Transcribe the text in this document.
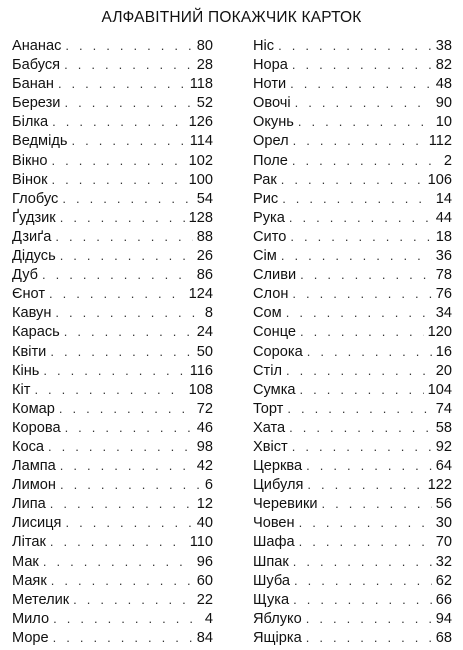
АЛФАВІТНИЙ ПОКАЖЧИК КАРТОК
Ананас . . .	80
Бабуся . . .	28
Банан . . .	118
Берези . . .	52
Білка . . .	126
Ведмідь . . .	114
Вікно . . .	102
Вінок . . .	100
Глобус . . .	54
Ґудзик . . .	128
Дзиґа . . .	88
Дідусь . . .	26
Дуб . . .	86
Єнот . . .	124
Кавун . . .	8
Карась . . .	24
Квіти . . .	50
Кінь . . .	116
Кіт . . .	108
Комар . . .	72
Корова . . .	46
Коса . . .	98
Лампа . . .	42
Лимон . . .	6
Липа . . .	12
Лисиця . . .	40
Літак . . .	110
Мак . . .	96
Маяк . . .	60
Метелик . . .	22
Мило . . .	4
Море . . .	84
Ніс . . .	38
Нора . . .	82
Ноти . . .	48
Овочі . . .	90
Окунь . . .	10
Орел . . .	112
Поле . . .	2
Рак . . .	106
Рис . . .	14
Рука . . .	44
Сито . . .	18
Сім . . .	36
Сливи . . .	78
Слон . . .	76
Сом . . .	34
Сонце . . .	120
Сорока . . .	16
Стіл . . .	20
Сумка . . .	104
Торт . . .	74
Хата . . .	58
Хвіст . . .	92
Церква . . .	64
Цибуля . . .	122
Черевики . . .	56
Човен . . .	30
Шафа . . .	70
Шпак . . .	32
Шуба . . .	62
Щука . . .	66
Яблуко . . .	94
Ящірка . . .	68
